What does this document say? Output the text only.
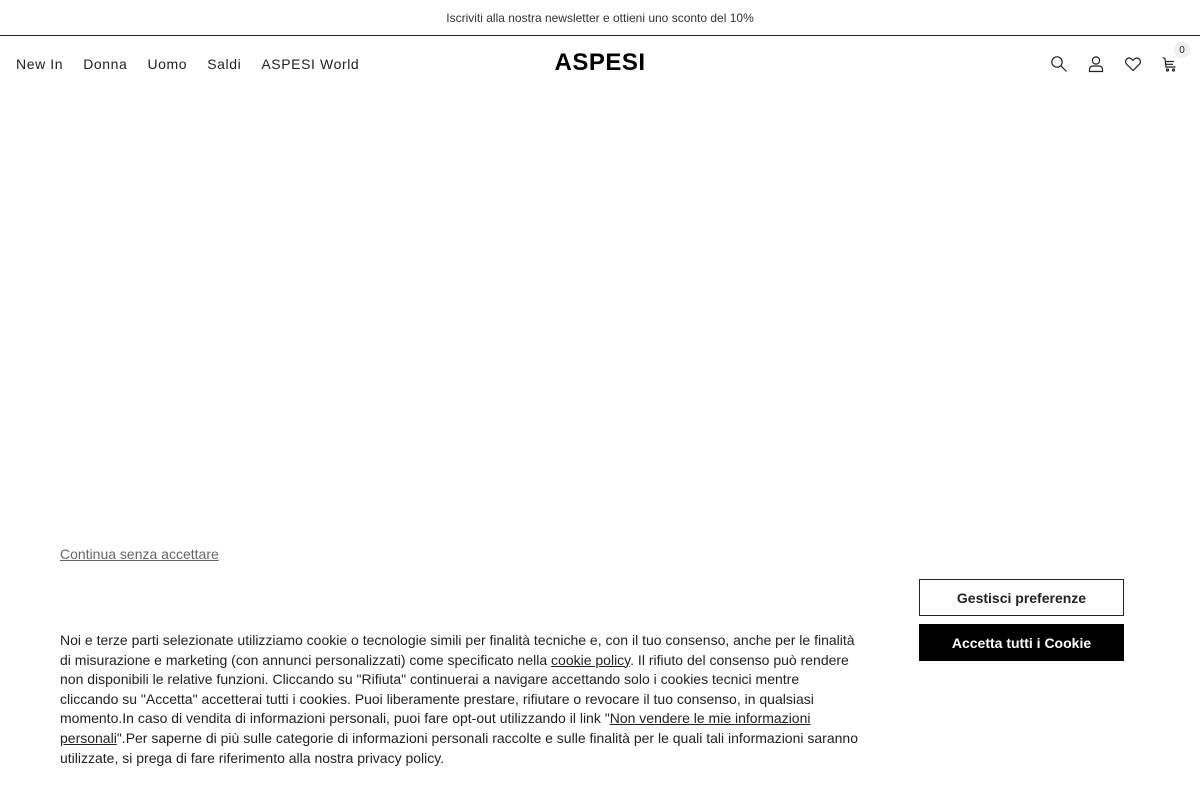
Iscriviti alla nostra newsletter e ottieni uno sconto del 10%
New In Donna Uomo Saldi ASPESI World	ASPESI	0
Continua senza accettare

Noi e terze parti selezionate utilizziamo cookie o tecnologie simili per finalità tecniche e, con il tuo consenso, anche per le finalità di misurazione e marketing (con annunci personalizzati) come specificato nella cookie policy. Il rifiuto del consenso può rendere non disponibili le relative funzioni. Cliccando su "Rifiuta" continuerai a navigare accettando solo i cookies tecnici mentre cliccando su "Accetta" accetterai tutti i cookies. Puoi liberamente prestare, rifiutare o revocare il tuo consenso, in qualsiasi momento.In caso di vendita di informazioni personali, puoi fare opt-out utilizzando il link "Non vendere le mie informazioni personali".Per saperne di più sulle categorie di informazioni personali raccolte e sulle finalità per le quali tali informazioni saranno utilizzate, si prega di fare riferimento alla nostra privacy policy.

Gestisci preferenze
Accetta tutti i Cookie
